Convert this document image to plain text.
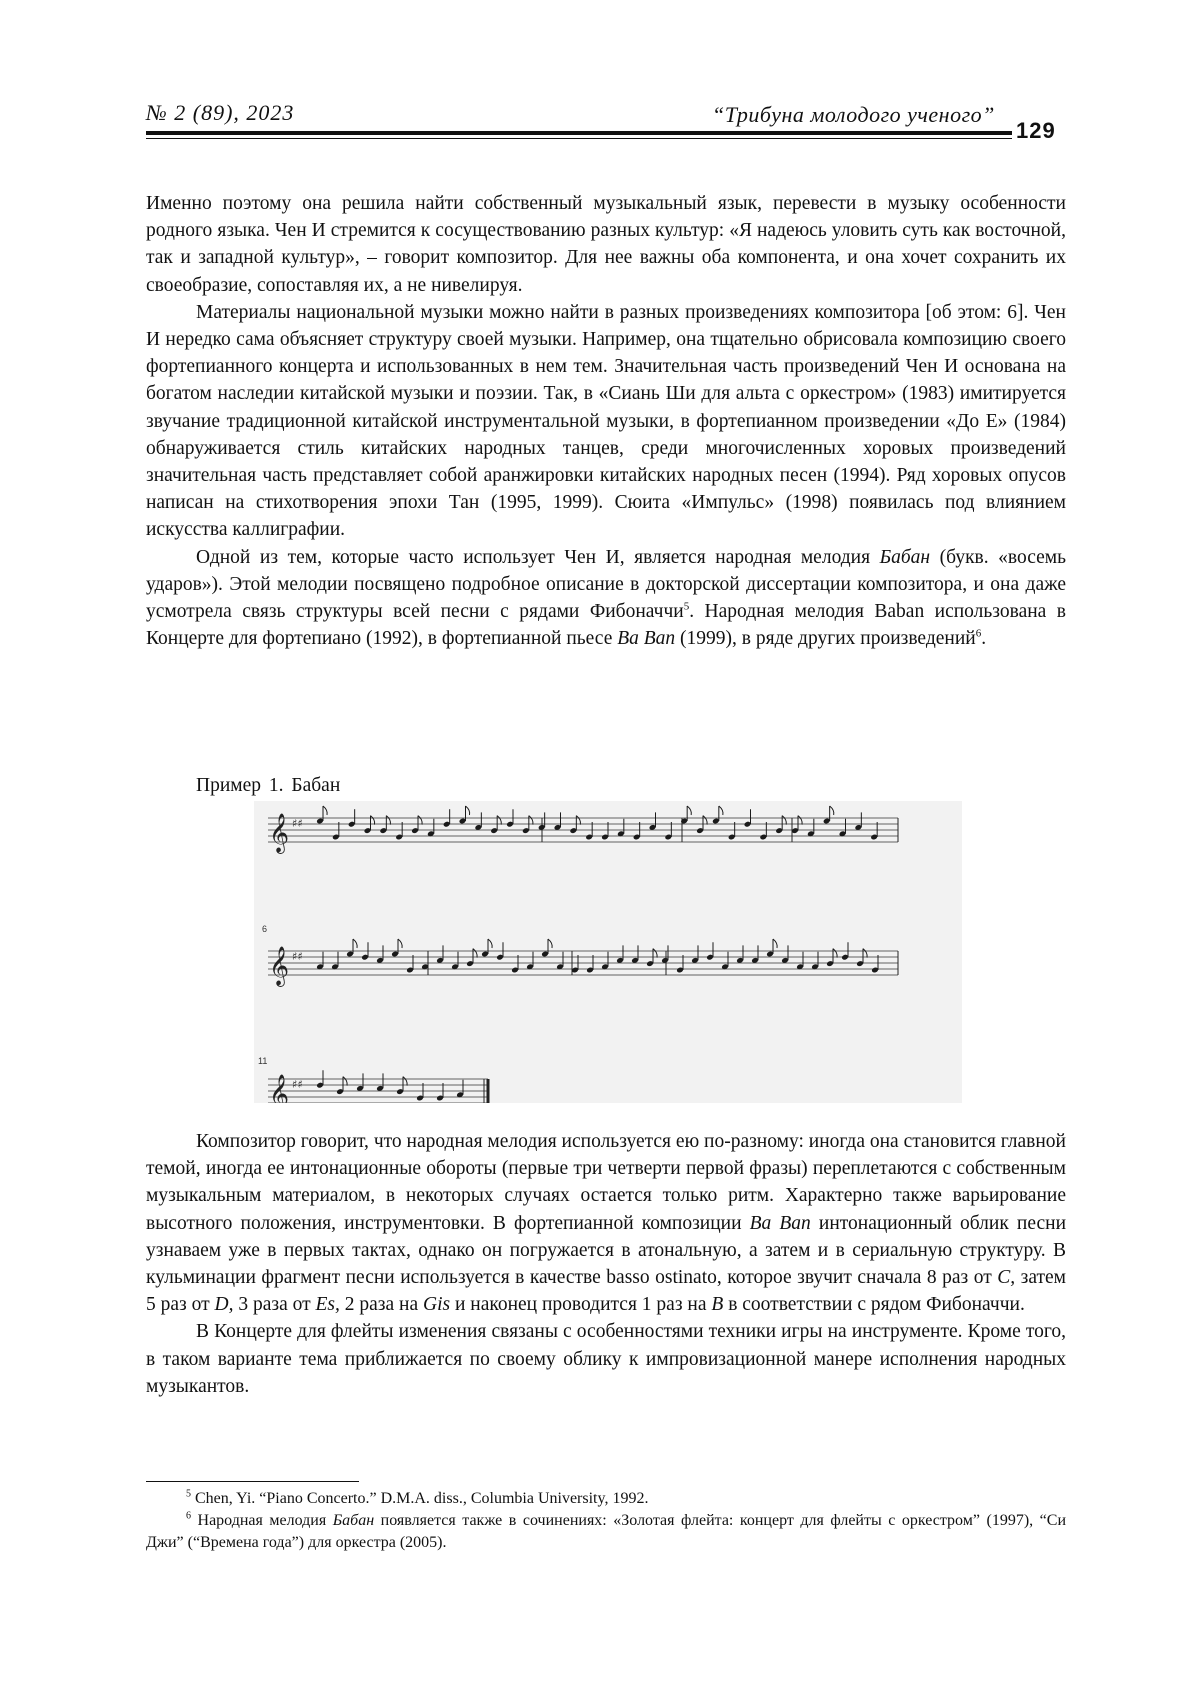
№ 2 (89), 2023	“Трибуна молодого ученого”
129

Именно поэтому она решила найти собственный музыкальный язык, перевести в музыку особенности родного языка. Чен И стремится к сосуществованию разных культур: «Я надеюсь уловить суть как восточной, так и западной культур», – говорит композитор. Для нее важны оба компонента, и она хочет сохранить их своеобразие, сопоставляя их, а не нивелируя.

Материалы национальной музыки можно найти в разных произведениях композитора [об этом: 6]. Чен И нередко сама объясняет структуру своей музыки. Например, она тщательно обрисовала композицию своего фортепианного концерта и использованных в нем тем. Значительная часть произведений Чен И основана на богатом наследии китайской музыки и поэзии. Так, в «Сиань Ши для альта с оркестром» (1983) имитируется звучание традиционной китайской инструментальной музыки, в фортепианном произведении «До Е» (1984) обнаруживается стиль китайских народных танцев, среди многочисленных хоровых произведений значительная часть представляет собой аранжировки китайских народных песен (1994). Ряд хоровых опусов написан на стихотворения эпохи Тан (1995, 1999). Сюита «Импульс» (1998) появилась под влиянием искусства каллиграфии.

Одной из тем, которые часто использует Чен И, является народная мелодия Бабан (букв. «восемь ударов»). Этой мелодии посвящено подробное описание в докторской диссертации композитора, и она даже усмотрела связь структуры всей песни с рядами Фибоначчи5. Народная мелодия Baban использована в Концерте для фортепиано (1992), в фортепианной пьесе Ba Ban (1999), в ряде других произведений6.

Пример 1. Бабан
𝄞 ♯♯
𝄞 ♯♯
𝄞 ♯♯
6
11

Композитор говорит, что народная мелодия используется ею по-разному: иногда она становится главной темой, иногда ее интонационные обороты (первые три четверти первой фразы) переплетаются с собственным музыкальным материалом, в некоторых случаях остается только ритм. Характерно также варьирование высотного положения, инструментовки. В фортепианной композиции Ba Ban интонационный облик песни узнаваем уже в первых тактах, однако он погружается в атональную, а затем и в сериальную структуру. В кульминации фрагмент песни используется в качестве basso ostinato, которое звучит сначала 8 раз от C, затем 5 раз от D, 3 раза от Es, 2 раза на Gis и наконец проводится 1 раз на B в соответствии с рядом Фибоначчи.

В Концерте для флейты изменения связаны с особенностями техники игры на инструменте. Кроме того, в таком варианте тема приближается по своему облику к импровизационной манере исполнения народных музыкантов.

5 Chen, Yi. “Piano Concerto.” D.M.A. diss., Columbia University, 1992.

6 Народная мелодия Бабан появляется также в сочинениях: «Золотая флейта: концерт для флейты с оркестром” (1997), “Си Джи” (“Времена года”) для оркестра (2005).
